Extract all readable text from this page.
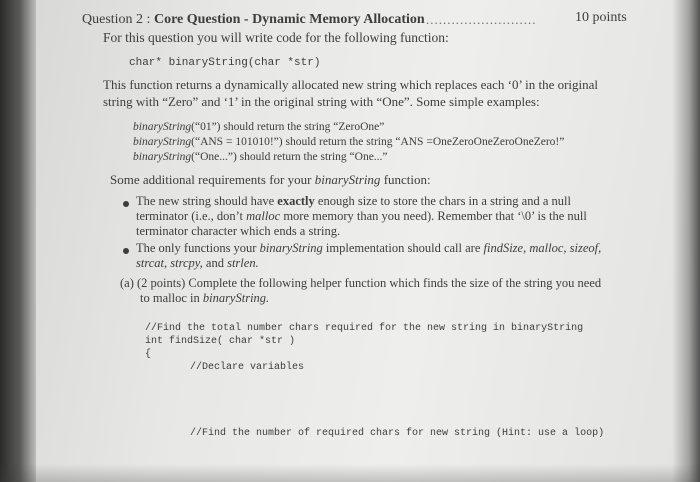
Question 2 : Core Question - Dynamic Memory Allocation ..........................	10 points
For this question you will write code for the following function:
char* binaryString(char *str)
This function returns a dynamically allocated new string which replaces each ‘0’ in the original
string with “Zero” and ‘1’ in the original string with “One”. Some simple examples:
binaryString(“01”) should return the string “ZeroOne”
binaryString(“ANS = 101010!”) should return the string “ANS =OneZeroOneZeroOneZero!”
binaryString(“One...”) should return the string “One...”
Some additional requirements for your binaryString function:
The new string should have exactly enough size to store the chars in a string and a null
terminator (i.e., don’t malloc more memory than you need). Remember that ‘\0’ is the null
terminator character which ends a string.
The only functions your binaryString implementation should call are findSize, malloc, sizeof,
strcat, strcpy, and strlen.
(a) (2 points) Complete the following helper function which finds the size of the string you need
to malloc in binaryString.
//Find the total number chars required for the new string in binaryString
int findSize( char *str )
{
//Declare variables
//Find the number of required chars for new string (Hint: use a loop)
